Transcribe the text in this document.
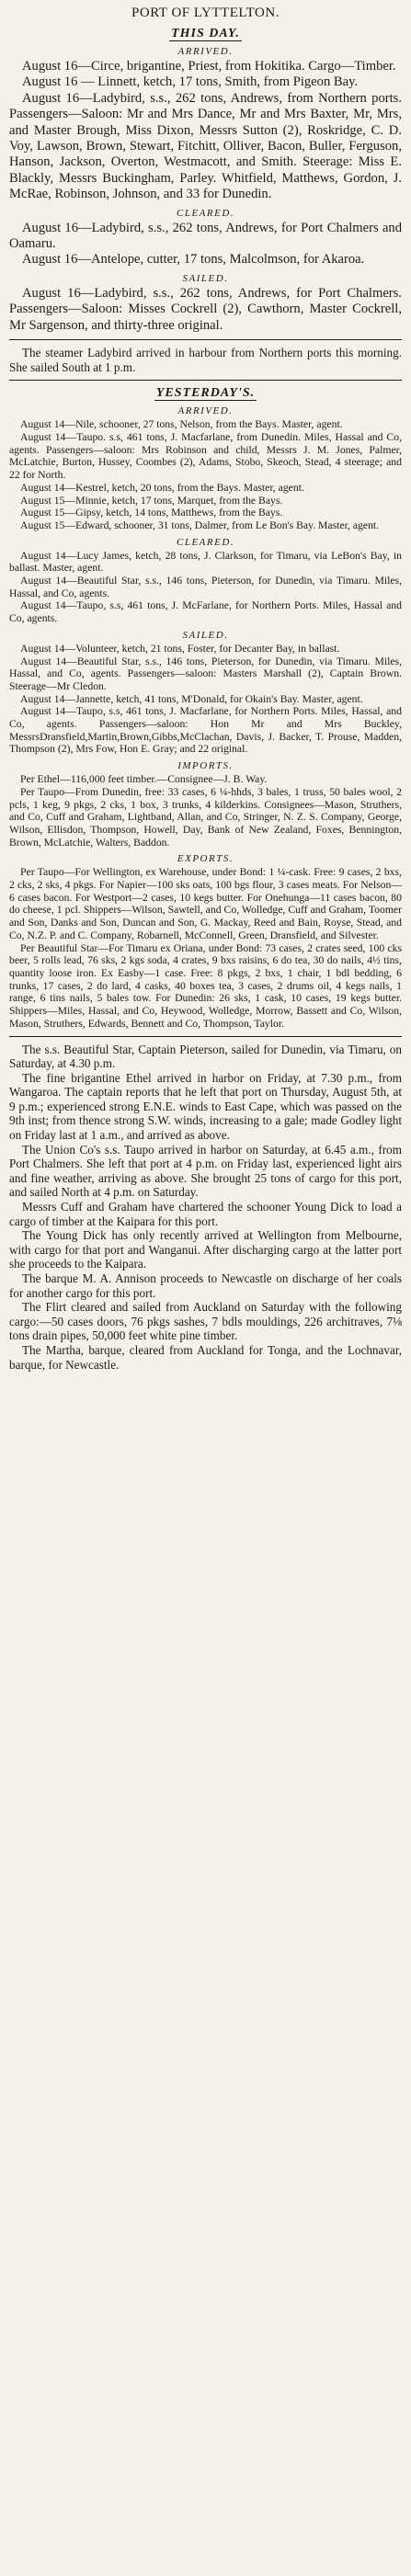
PORT OF LYTTELTON.
THIS DAY.
ARRIVED.

August 16—Circe, brigantine, Priest, from Hokitika. Cargo—Timber.

August 16 — Linnett, ketch, 17 tons, Smith, from Pigeon Bay.

August 16—Ladybird, s.s., 262 tons, Andrews, from Northern ports. Passengers—Saloon: Mr and Mrs Dance, Mr and Mrs Baxter, Mr, Mrs, and Master Brough, Miss Dixon, Messrs Sutton (2), Roskridge, C. D. Voy, Lawson, Brown, Stewart, Fitchitt, Olliver, Bacon, Buller, Ferguson, Hanson, Jackson, Overton, Westmacott, and Smith. Steerage: Miss E. Blackly, Messrs Buckingham, Parley. Whitfield, Matthews, Gordon, J. McRae, Robinson, Johnson, and 33 for Dunedin.

CLEARED.

August 16—Ladybird, s.s., 262 tons, Andrews, for Port Chalmers and Oamaru.

August 16—Antelope, cutter, 17 tons, Malcolmson, for Akaroa.

SAILED.

August 16—Ladybird, s.s., 262 tons, Andrews, for Port Chalmers. Passengers—Saloon: Misses Cockrell (2), Cawthorn, Master Cockrell, Mr Sargenson, and thirty-three original.

The steamer Ladybird arrived in harbour from Northern ports this morning. She sailed South at 1 p.m.

YESTERDAY'S.
ARRIVED.

August 14—Nile, schooner, 27 tons, Nelson, from the Bays. Master, agent.

August 14—Taupo. s.s, 461 tons, J. Macfarlane, from Dunedin. Miles, Hassal and Co, agents. Passengers—saloon: Mrs Robinson and child, Messrs J. M. Jones, Palmer, McLatchie, Burton, Hussey, Coombes (2), Adams, Stobo, Skeoch, Stead, 4 steerage; and 22 for North.

August 14—Kestrel, ketch, 20 tons, from the Bays. Master, agent.

August 15—Minnie, ketch, 17 tons, Marquet, from the Bays.

August 15—Gipsy, ketch, 14 tons, Matthews, from the Bays.

August 15—Edward, schooner, 31 tons, Dalmer, from Le Bon's Bay. Master, agent.

CLEARED.

August 14—Lucy James, ketch, 28 tons, J. Clarkson, for Timaru, via LeBon's Bay, in ballast. Master, agent.

August 14—Beautiful Star, s.s., 146 tons, Pieterson, for Dunedin, via Timaru. Miles, Hassal, and Co, agents.

August 14—Taupo, s.s, 461 tons, J. McFarlane, for Northern Ports. Miles, Hassal and Co, agents.

SAILED.

August 14—Volunteer, ketch, 21 tons, Foster, for Decanter Bay, in ballast.

August 14—Beautiful Star, s.s., 146 tons, Pieterson, for Dunedin, via Timaru. Miles, Hassal, and Co, agents. Passengers—saloon: Masters Marshall (2), Captain Brown. Steerage—Mr Cledon.

August 14—Jannette, ketch, 41 tons, M'Donald, for Okain's Bay. Master, agent.

August 14—Taupo, s.s, 461 tons, J. Macfarlane, for Northern Ports. Miles, Hassal, and Co, agents. Passengers—saloon: Hon Mr and Mrs Buckley, MessrsDransfield,Martin,Brown,Gibbs,McClachan, Davis, J. Backer, T. Prouse, Madden, Thompson (2), Mrs Fow, Hon E. Gray; and 22 original.

IMPORTS.

Per Ethel—116,000 feet timber.—Consignee—J. B. Way.

Per Taupo—From Dunedin, free: 33 cases, 6 ¼-hhds, 3 bales, 1 truss, 50 bales wool, 2 pcls, 1 keg, 9 pkgs, 2 cks, 1 box, 3 trunks, 4 kilderkins. Consignees—Mason, Struthers, and Co, Cuff and Graham, Lightband, Allan, and Co, Stringer, N. Z. S. Company, George, Wilson, Ellisdon, Thompson, Howell, Day, Bank of New Zealand, Foxes, Bennington, Brown, McLatchie, Walters, Baddon.

EXPORTS.

Per Taupo—For Wellington, ex Warehouse, under Bond: 1 ¼-cask. Free: 9 cases, 2 bxs, 2 cks, 2 sks, 4 pkgs. For Napier—100 sks oats, 100 bgs flour, 3 cases meats. For Nelson—6 cases bacon. For Westport—2 cases, 10 kegs butter. For Onehunga—11 cases bacon, 80 do cheese, 1 pcl. Shippers—Wilson, Sawtell, and Co, Wolledge, Cuff and Graham, Toomer and Son, Danks and Son, Duncan and Son, G. Mackay, Reed and Bain, Royse, Stead, and Co, N.Z. P. and C. Company, Robarnell, McConnell, Green, Dransfield, and Silvester.

Per Beautiful Star—For Timaru ex Oriana, under Bond: 73 cases, 2 crates seed, 100 cks beer, 5 rolls lead, 76 sks, 2 kgs soda, 4 crates, 9 bxs raisins, 6 do tea, 30 do nails, 4½ tins, quantity loose iron. Ex Easby—1 case. Free: 8 pkgs, 2 bxs, 1 chair, 1 bdl bedding, 6 trunks, 17 cases, 2 do lard, 4 casks, 40 boxes tea, 3 cases, 2 drums oil, 4 kegs nails, 1 range, 6 tins nails, 5 bales tow. For Dunedin: 26 sks, 1 cask, 10 cases, 19 kegs butter. Shippers—Miles, Hassal, and Co, Heywood, Wolledge, Morrow, Bassett and Co, Wilson, Mason, Struthers, Edwards, Bennett and Co, Thompson, Taylor.

The s.s. Beautiful Star, Captain Pieterson, sailed for Dunedin, via Timaru, on Saturday, at 4.30 p.m.

The fine brigantine Ethel arrived in harbor on Friday, at 7.30 p.m., from Wangaroa. The captain reports that he left that port on Thursday, August 5th, at 9 p.m.; experienced strong E.N.E. winds to East Cape, which was passed on the 9th inst; from thence strong S.W. winds, increasing to a gale; made Godley light on Friday last at 1 a.m., and arrived as above.

The Union Co's s.s. Taupo arrived in harbor on Saturday, at 6.45 a.m., from Port Chalmers. She left that port at 4 p.m. on Friday last, experienced light airs and fine weather, arriving as above. She brought 25 tons of cargo for this port, and sailed North at 4 p.m. on Saturday.

Messrs Cuff and Graham have chartered the schooner Young Dick to load a cargo of timber at the Kaipara for this port.

The Young Dick has only recently arrived at Wellington from Melbourne, with cargo for that port and Wanganui. After discharging cargo at the latter port she proceeds to the Kaipara.

The barque M. A. Annison proceeds to Newcastle on discharge of her coals for another cargo for this port.

The Flirt cleared and sailed from Auckland on Saturday with the following cargo:—50 cases doors, 76 pkgs sashes, 7 bdls mouldings, 226 architraves, 7⅛ tons drain pipes, 50,000 feet white pine timber.

The Martha, barque, cleared from Auckland for Tonga, and the Lochnavar, barque, for Newcastle.
